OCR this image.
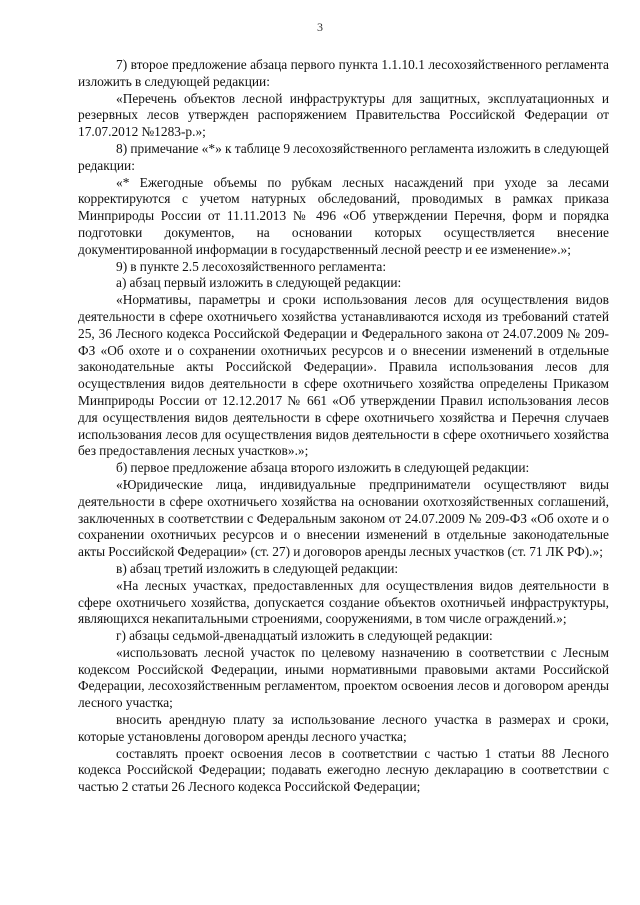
3

7) второе предложение абзаца первого пункта 1.1.10.1 лесохозяйственного регламента изложить в следующей редакции:

«Перечень объектов лесной инфраструктуры для защитных, эксплуатационных и резервных лесов утвержден распоряжением Правительства Российской Федерации от 17.07.2012 №1283-р.»;

8) примечание «*» к таблице 9 лесохозяйственного регламента изложить в следующей редакции:

«* Ежегодные объемы по рубкам лесных насаждений при уходе за лесами корректируются с учетом натурных обследований, проводимых в рамках приказа Минприроды России от 11.11.2013 № 496 «Об утверждении Перечня, форм и порядка подготовки документов, на основании которых осуществляется внесение документированной информации в государственный лесной реестр и ее изменение».»;

9) в пункте 2.5 лесохозяйственного регламента:

а) абзац первый изложить в следующей редакции:

«Нормативы, параметры и сроки использования лесов для осуществления видов деятельности в сфере охотничьего хозяйства устанавливаются исходя из требований статей 25, 36 Лесного кодекса Российской Федерации и Федерального закона от 24.07.2009 № 209-ФЗ «Об охоте и о сохранении охотничьих ресурсов и о внесении изменений в отдельные законодательные акты Российской Федерации». Правила использования лесов для осуществления видов деятельности в сфере охотничьего хозяйства определены Приказом Минприроды России от 12.12.2017 № 661 «Об утверждении Правил использования лесов для осуществления видов деятельности в сфере охотничьего хозяйства и Перечня случаев использования лесов для осуществления видов деятельности в сфере охотничьего хозяйства без предоставления лесных участков».»;

б) первое предложение абзаца второго изложить в следующей редакции:

«Юридические лица, индивидуальные предприниматели осуществляют виды деятельности в сфере охотничьего хозяйства на основании охотхозяйственных соглашений, заключенных в соответствии с Федеральным законом от 24.07.2009 № 209-ФЗ «Об охоте и о сохранении охотничьих ресурсов и о внесении изменений в отдельные законодательные акты Российской Федерации» (ст. 27) и договоров аренды лесных участков (ст. 71 ЛК РФ).»;

в) абзац третий изложить в следующей редакции:

«На лесных участках, предоставленных для осуществления видов деятельности в сфере охотничьего хозяйства, допускается создание объектов охотничьей инфраструктуры, являющихся некапитальными строениями, сооружениями, в том числе ограждений.»;

г) абзацы седьмой-двенадцатый изложить в следующей редакции:

«использовать лесной участок по целевому назначению в соответствии с Лесным кодексом Российской Федерации, иными нормативными правовыми актами Российской Федерации, лесохозяйственным регламентом, проектом освоения лесов и договором аренды лесного участка;

вносить арендную плату за использование лесного участка в размерах и сроки, которые установлены договором аренды лесного участка;

составлять проект освоения лесов в соответствии с частью 1 статьи 88 Лесного кодекса Российской Федерации; подавать ежегодно лесную декларацию в соответствии с частью 2 статьи 26 Лесного кодекса Российской Федерации;
